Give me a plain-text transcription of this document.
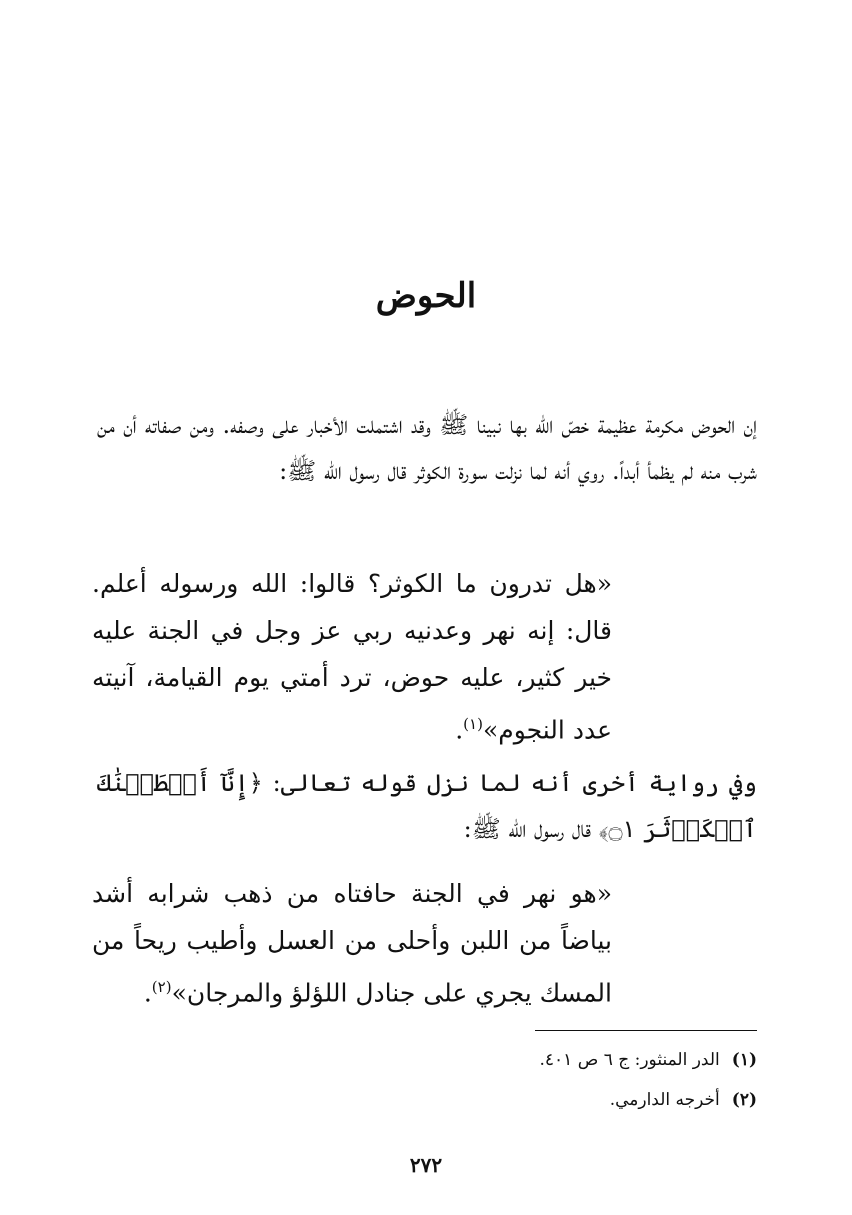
الحوض

إن الحوض مكرمة عظيمة خصّ الله بها نبينا ﷺ وقد اشتملت الأخبار على وصفه. ومن صفاته أن من شرب منه لم يظمأ أبداً. روي أنه لما نزلت سورة الكوثر قال رسول الله ﷺ:

«هل تدرون ما الكوثر؟ قالوا: الله ورسوله أعلم. قال: إنه نهر وعدنيه ربي عز وجل في الجنة عليه خير كثير، عليه حوض، ترد أمتي يوم القيامة، آنيته عدد النجوم»$^{(١)}$.

وفي رواية أخرى أنه لما نزل قوله تعالى: ﴿إِنَّآ أَعۡطَيۡنَٰكَ ٱلۡكَوۡثَرَ ۝١﴾ قال رسول الله ﷺ:

«هو نهر في الجنة حافتاه من ذهب شرابه أشد بياضاً من اللبن وأحلى من العسل وأطيب ريحاً من المسك يجري على جنادل اللؤلؤ والمرجان»$^{(٢)}$.

(١)
الدر المنثور: ج ٦ ص ٤٠١.
(٢)
أخرجه الدارمي.
٢٧٢
